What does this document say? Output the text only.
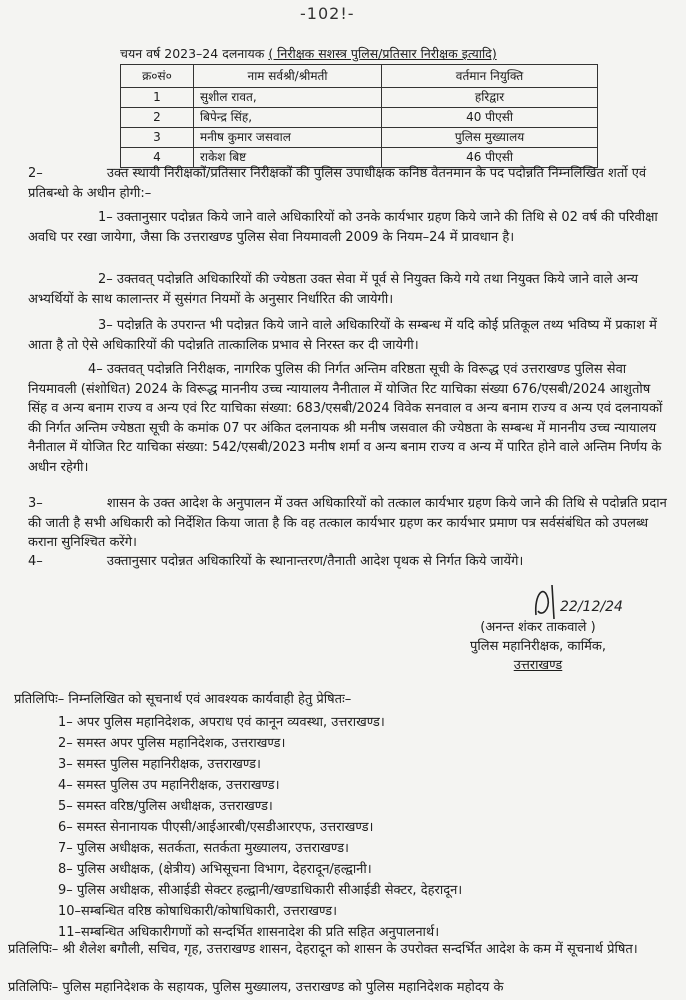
-102!-
चयन वर्ष 2023–24 दलनायक ( निरीक्षक सशस्त्र पुलिस/प्रतिसार निरीक्षक इत्यादि)
क्र०सं०	नाम सर्वश्री/श्रीमती	वर्तमान नियुक्ति
1	सुशील रावत,	हरिद्वार
2	बिपेन्द्र सिंह,	40 पीएसी
3	मनीष कुमार जसवाल	पुलिस मुख्यालय
4	राकेश बिष्ट	46 पीएसी
2–	उक्त स्थायी निरीक्षकों/प्रतिसार निरीक्षकों की पुलिस उपाधीक्षक कनिष्ठ वेतनमान के पद पदोन्नति निम्नलिखित शर्तो एवं प्रतिबन्धो के अधीन होगी:–
1– उक्तानुसार पदोन्नत किये जाने वाले अधिकारियों को उनके कार्यभार ग्रहण किये जाने की तिथि से 02 वर्ष की परिवीक्षा अवधि पर रखा जायेगा, जैसा कि उत्तराखण्ड पुलिस सेवा नियमावली 2009 के नियम–24 में प्रावधान है।
2– उक्तवत् पदोन्नति अधिकारियों की ज्येष्ठता उक्त सेवा में पूर्व से नियुक्त किये गये तथा नियुक्त किये जाने वाले अन्य अभ्यर्थियों के साथ कालान्तर में सुसंगत नियमों के अनुसार निर्धारित की जायेगी।
3– पदोन्नति के उपरान्त भी पदोन्नत किये जाने वाले अधिकारियों के सम्बन्ध में यदि कोई प्रतिकूल तथ्य भविष्य में प्रकाश में आता है तो ऐसे अधिकारियों की पदोन्नति तात्कालिक प्रभाव से निरस्त कर दी जायेगी।
4– उक्तवत् पदोन्नति निरीक्षक, नागरिक पुलिस की निर्गत अन्तिम वरिष्ठता सूची के विरूद्ध एवं उत्तराखण्ड पुलिस सेवा नियमावली (संशोधित) 2024 के विरूद्ध माननीय उच्च न्यायालय नैनीताल में योजित रिट याचिका संख्या 676/एसबी/2024 आशुतोष सिंह व अन्य बनाम राज्य व अन्य एवं रिट याचिका संख्या: 683/एसबी/2024 विवेक सनवाल व अन्य बनाम राज्य व अन्य एवं दलनायकों की निर्गत अन्तिम ज्येष्ठता सूची के कमांक 07 पर अंकित दलनायक श्री मनीष जसवाल की ज्येष्ठता के सम्बन्ध में माननीय उच्च न्यायालय नैनीताल में योजित रिट याचिका संख्या: 542/एसबी/2023 मनीष शर्मा व अन्य बनाम राज्य व अन्य में पारित होने वाले अन्तिम निर्णय के अधीन रहेगी।
3–	शासन के उक्त आदेश के अनुपालन में उक्त अधिकारियों को तत्काल कार्यभार ग्रहण किये जाने की तिथि से पदोन्नति प्रदान की जाती है सभी अधिकारी को निर्देशित किया जाता है कि वह तत्काल कार्यभार ग्रहण कर कार्यभार प्रमाण पत्र सर्वसंबंधित को उपलब्ध कराना सुनिश्चित करेंगे।
4–	उक्तानुसार पदोन्नत अधिकारियों के स्थानान्तरण/तैनाती आदेश पृथक से निर्गत किये जायेंगे।
22/12/24
(अनन्त शंकर ताकवाले )
पुलिस महानिरीक्षक, कार्मिक,
उत्तराखण्ड
प्रतिलिपिः– निम्नलिखित को सूचनार्थ एवं आवश्यक कार्यवाही हेतु प्रेषितः–
1– अपर पुलिस महानिदेशक, अपराध एवं कानून व्यवस्था, उत्तराखण्ड।
2– समस्त अपर पुलिस महानिदेशक, उत्तराखण्ड।
3– समस्त पुलिस महानिरीक्षक, उत्तराखण्ड।
4– समस्त पुलिस उप महानिरीक्षक, उत्तराखण्ड।
5– समस्त वरिष्ठ/पुलिस अधीक्षक, उत्तराखण्ड।
6– समस्त सेनानायक पीएसी/आईआरबी/एसडीआरएफ, उत्तराखण्ड।
7– पुलिस अधीक्षक, सतर्कता, सतर्कता मुख्यालय, उत्तराखण्ड।
8– पुलिस अधीक्षक, (क्षेत्रीय) अभिसूचना विभाग, देहरादून/हल्द्वानी।
9– पुलिस अधीक्षक, सीआईडी सेक्टर हल्द्वानी/खण्डाधिकारी सीआईडी सेक्टर, देहरादून।
10–सम्बन्धित वरिष्ठ कोषाधिकारी/कोषाधिकारी, उत्तराखण्ड।
11–सम्बन्धित अधिकारीगणों को सन्दर्भित शासनादेश की प्रति सहित अनुपालनार्थ।
प्रतिलिपिः– श्री शैलेश बगौली, सचिव, गृह, उत्तराखण्ड शासन, देहरादून को शासन के उपरोक्त सन्दर्भित आदेश के कम में सूचनार्थ प्रेषित।
प्रतिलिपिः– पुलिस महानिदेशक के सहायक, पुलिस मुख्यालय, उत्तराखण्ड को पुलिस महानिदेशक महोदय के
